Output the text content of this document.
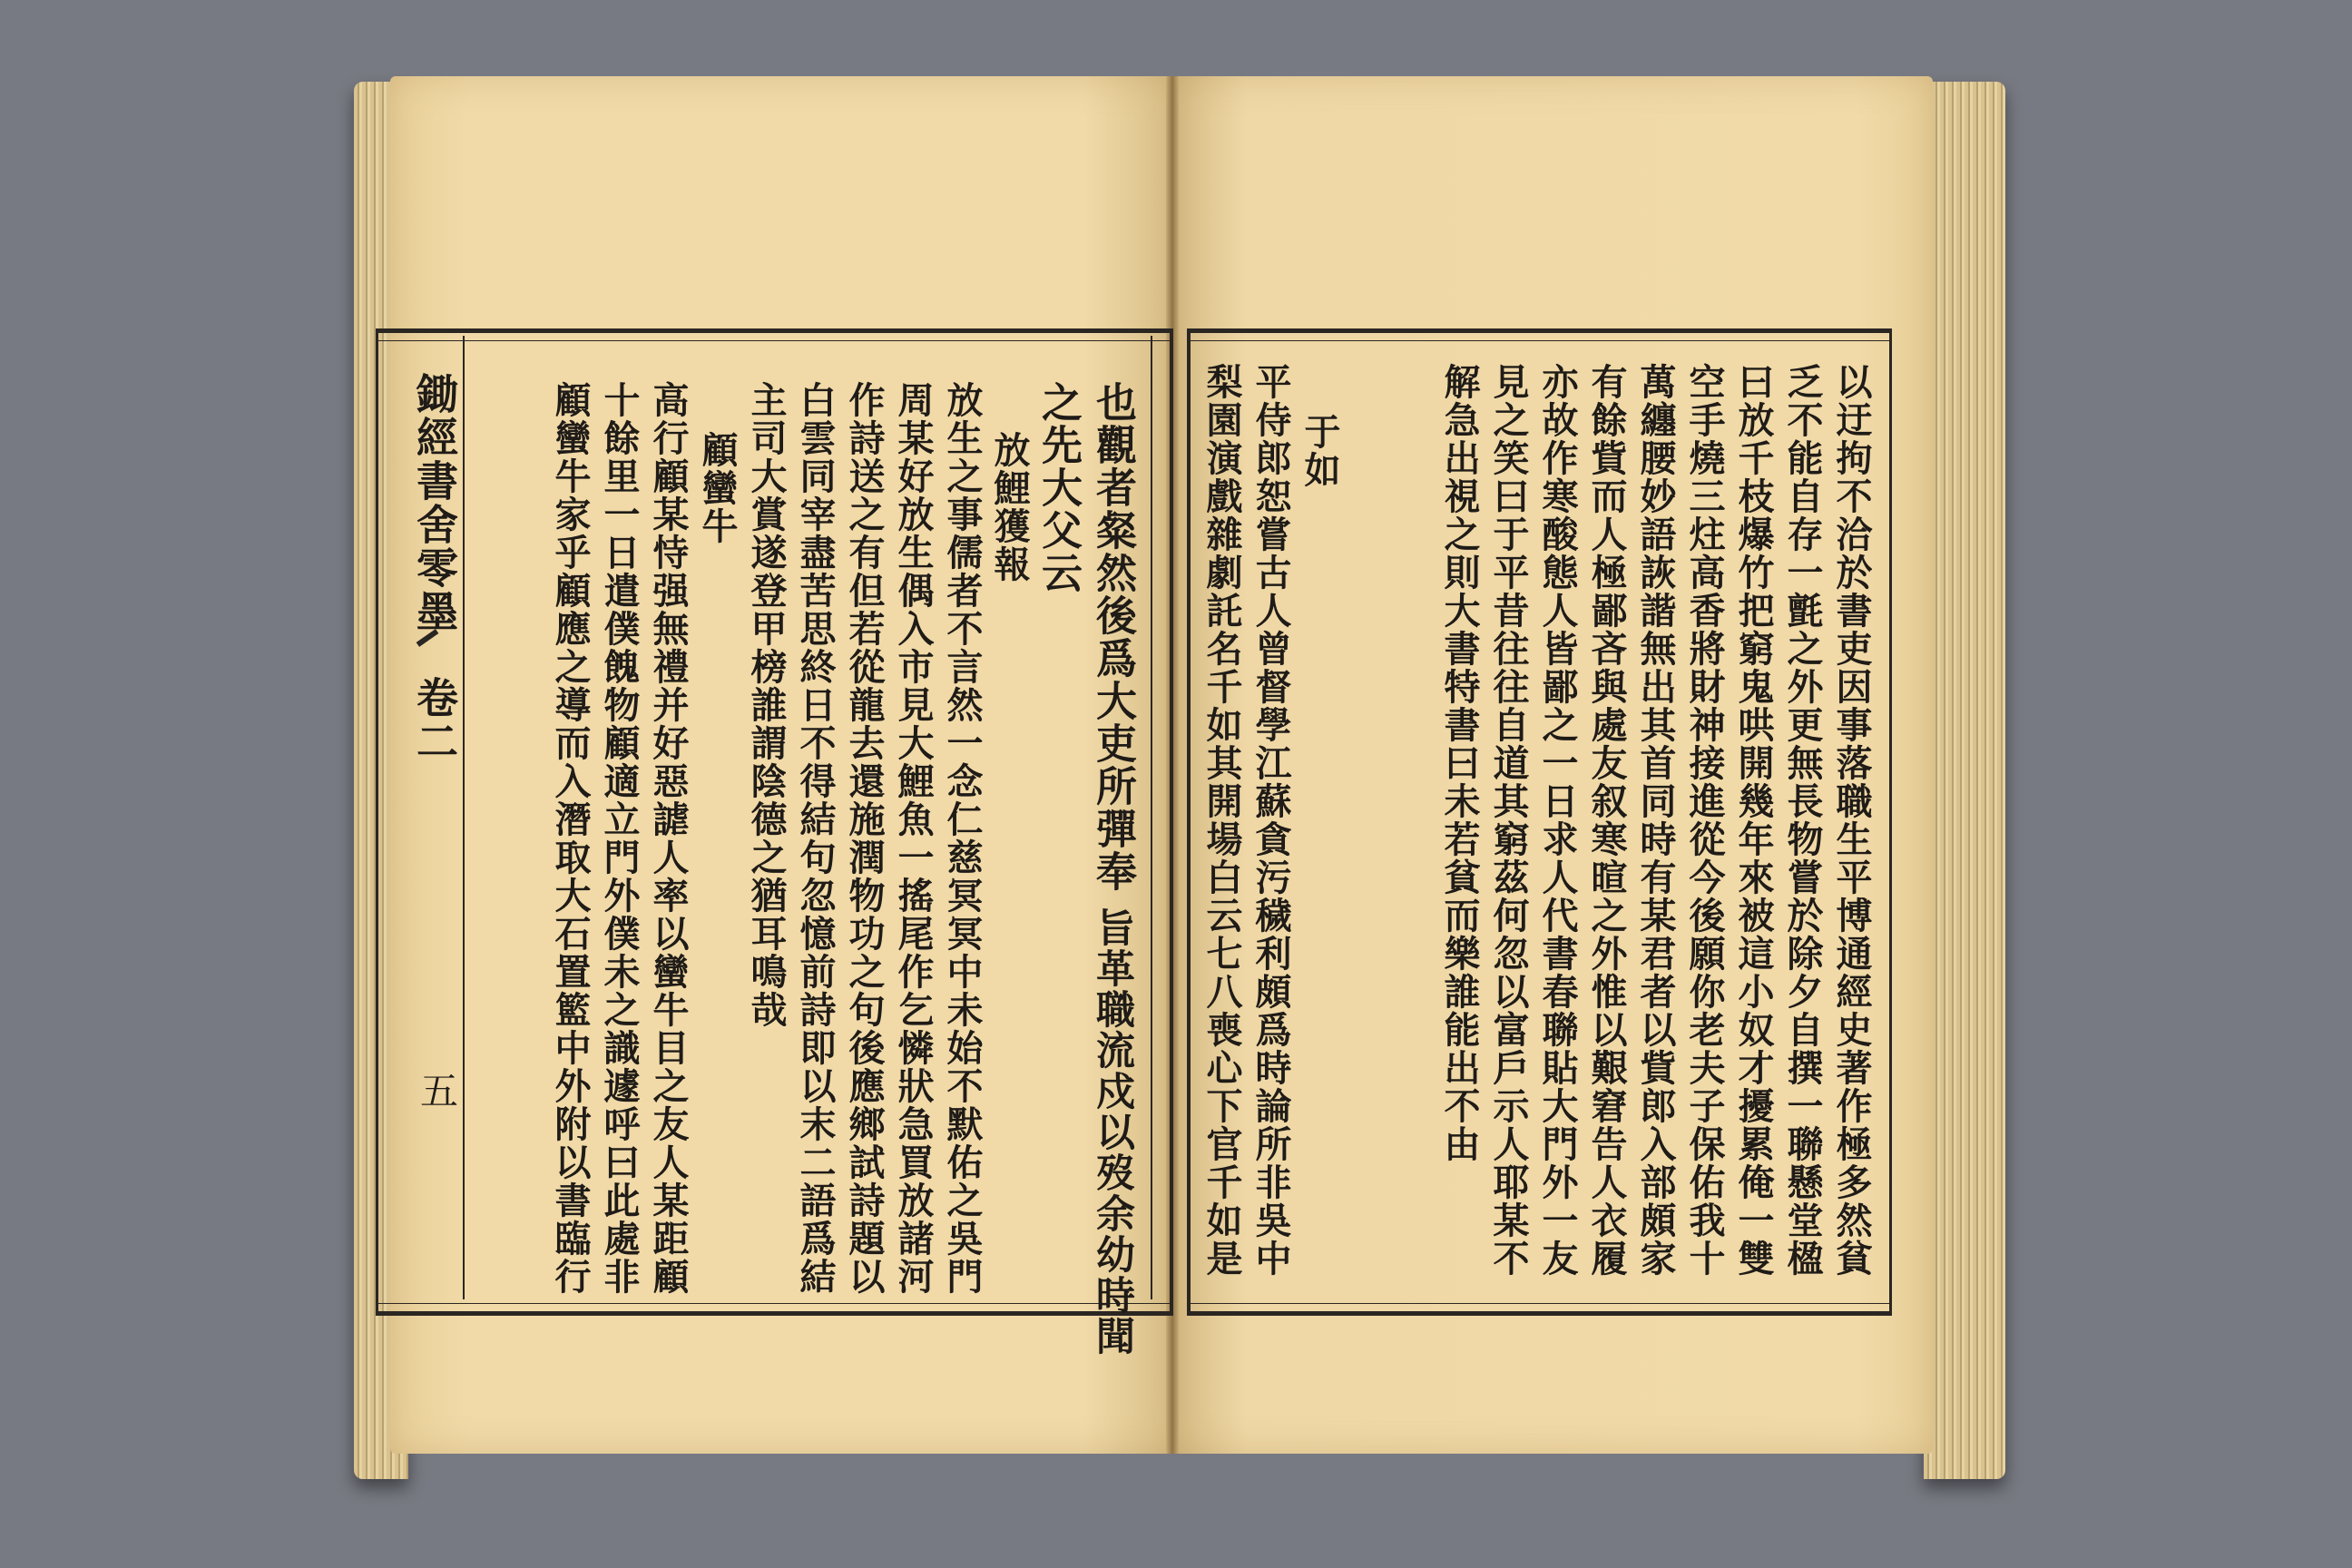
鋤經書舍零墨
卷二
五
也觀者粲然後爲大吏所彈奉
旨革職流戍以歿余幼時聞
之先大父云
放鯉獲報
放生之事儒者不言然一念仁慈冥冥中未始不默佑之吳門
周某好放生偶入市見大鯉魚一搖尾作乞憐狀急買放諸河
作詩送之有但若從龍去還施潤物功之句後應鄉試詩題以
白雲同宰盡苦思終日不得結句忽憶前詩即以末二語爲結
主司大賞遂登甲榜誰謂陰德之猶耳鳴哉
顧蠻牛
高行顧某恃强無禮并好惡謔人率以蠻牛目之友人某距顧
十餘里一日遣僕餽物顧適立門外僕未之識遽呼曰此處非
顧蠻牛家乎顧應之導而入潛取大石置籃中外附以書臨行	以迂拘不洽於書吏因事落職生平博通經史著作極多然貧
乏不能自存一氈之外更無長物嘗於除夕自撰一聯懸堂楹
曰放千枝爆竹把窮鬼哄開幾年來被這小奴才擾累俺一雙
空手燒三炷高香將財神接進從今後願你老夫子保佑我十
萬纏腰妙語詼諧無出其首同時有某君者以貲郎入部頗家
有餘貲而人極鄙吝與處友叙寒暄之外惟以艱窘告人衣履
亦故作寒酸態人皆鄙之一日求人代書春聯貼大門外一友
見之笑曰于平昔往往自道其窮茲何忽以富戶示人耶某不
解急出視之則大書特書曰未若貧而樂誰能出不由
于如
平侍郎恕嘗古人曾督學江蘇貪污穢利頗爲時論所非吳中
梨園演戲雜劇託名千如其開場白云七八喪心下官千如是
